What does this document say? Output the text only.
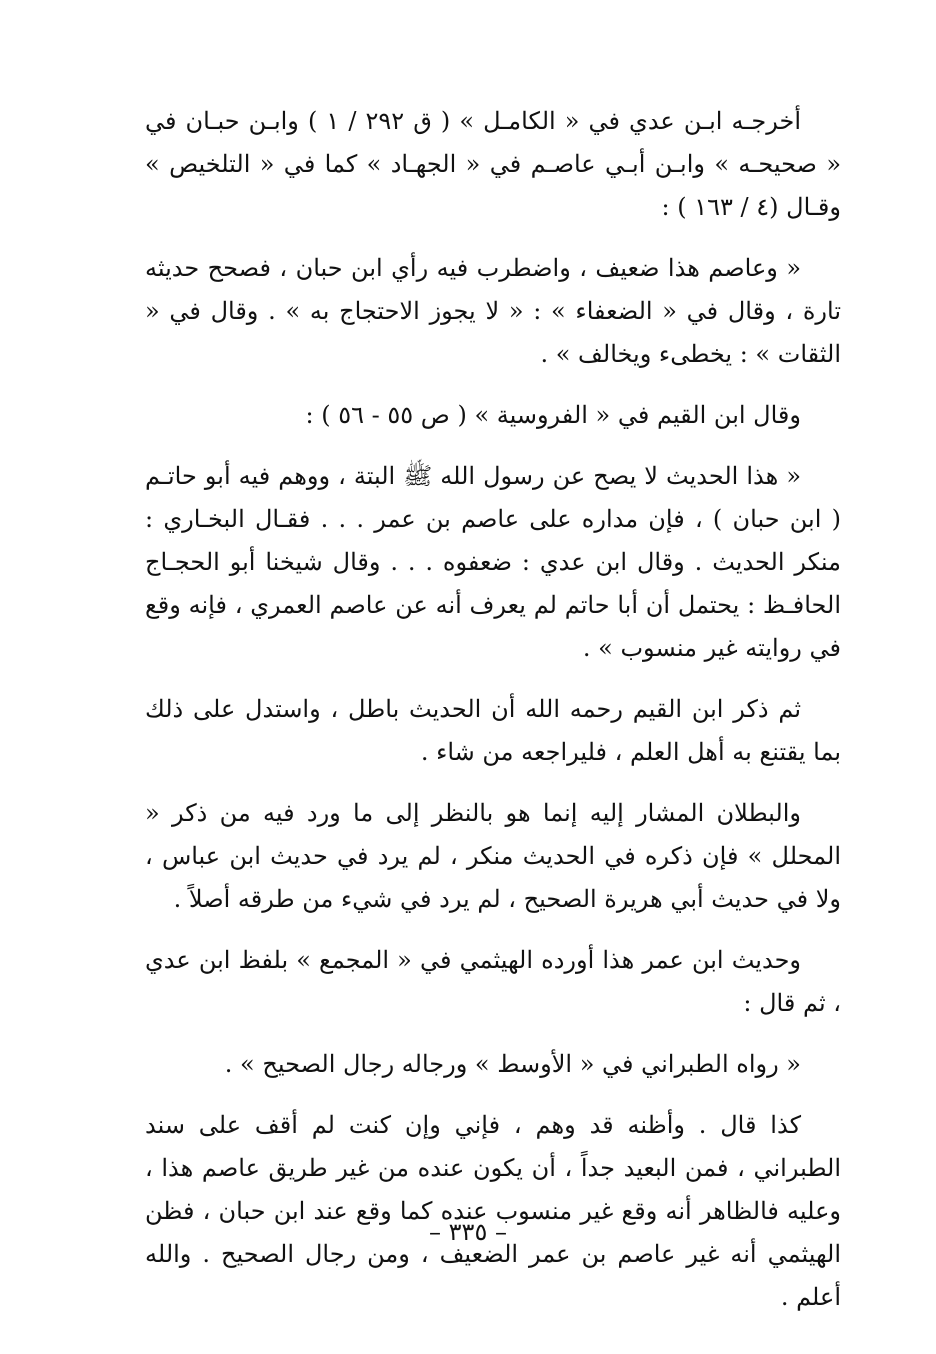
أخرجـه ابـن عدي في « الكامـل » ( ق ٢٩٢ / ١ ) وابـن حبـان في « صحيحـه » وابـن أبـي عاصـم في « الجهـاد » كما في « التلخيص » وقـال (٤ / ١٦٣ ) :

« وعاصم هذا ضعيف ، واضطرب فيه رأي ابن حبان ، فصحح حديثه تارة ، وقال في « الضعفاء » : « لا يجوز الاحتجاج به » . وقال في « الثقات » : يخطىء ويخالف » .

وقال ابن القيم في « الفروسية » ( ص ٥٥ - ٥٦ ) :

« هذا الحديث لا يصح عن رسول الله ﷺ البتة ، ووهم فيه أبو حاتـم ( ابن حبان ) ، فإن مداره على عاصم بن عمر . . . فقـال البخـاري : منكر الحديث . وقال ابن عدي : ضعفوه . . . وقال شيخنا أبو الحجـاج الحافـظ : يحتمل أن أبا حاتم لم يعرف أنه عن عاصم العمري ، فإنه وقع في روايته غير منسوب » .

ثم ذكر ابن القيم رحمه الله أن الحديث باطل ، واستدل على ذلك بما يقتنع به أهل العلم ، فليراجعه من شاء .

والبطلان المشار إليه إنما هو بالنظر إلى ما ورد فيه من ذكر « المحلل » فإن ذكره في الحديث منكر ، لم يرد في حديث ابن عباس ، ولا في حديث أبي هريرة الصحيح ، لم يرد في شيء من طرقه أصلاً .

وحديث ابن عمر هذا أورده الهيثمي في « المجمع » بلفظ ابن عدي ، ثم قال :

« رواه الطبراني في « الأوسط » ورجاله رجال الصحيح » .

كذا قال . وأظنه قد وهم ، فإني وإن كنت لم أقف على سند الطبراني ، فمن البعيد جداً ، أن يكون عنده من غير طريق عاصم هذا ، وعليه فالظاهر أنه وقع غير منسوب عنده كما وقع عند ابن حبان ، فظن الهيثمي أنه غير عاصم بن عمر الضعيف ، ومن رجال الصحيح . والله أعلم .

– ٣٣٥ –
